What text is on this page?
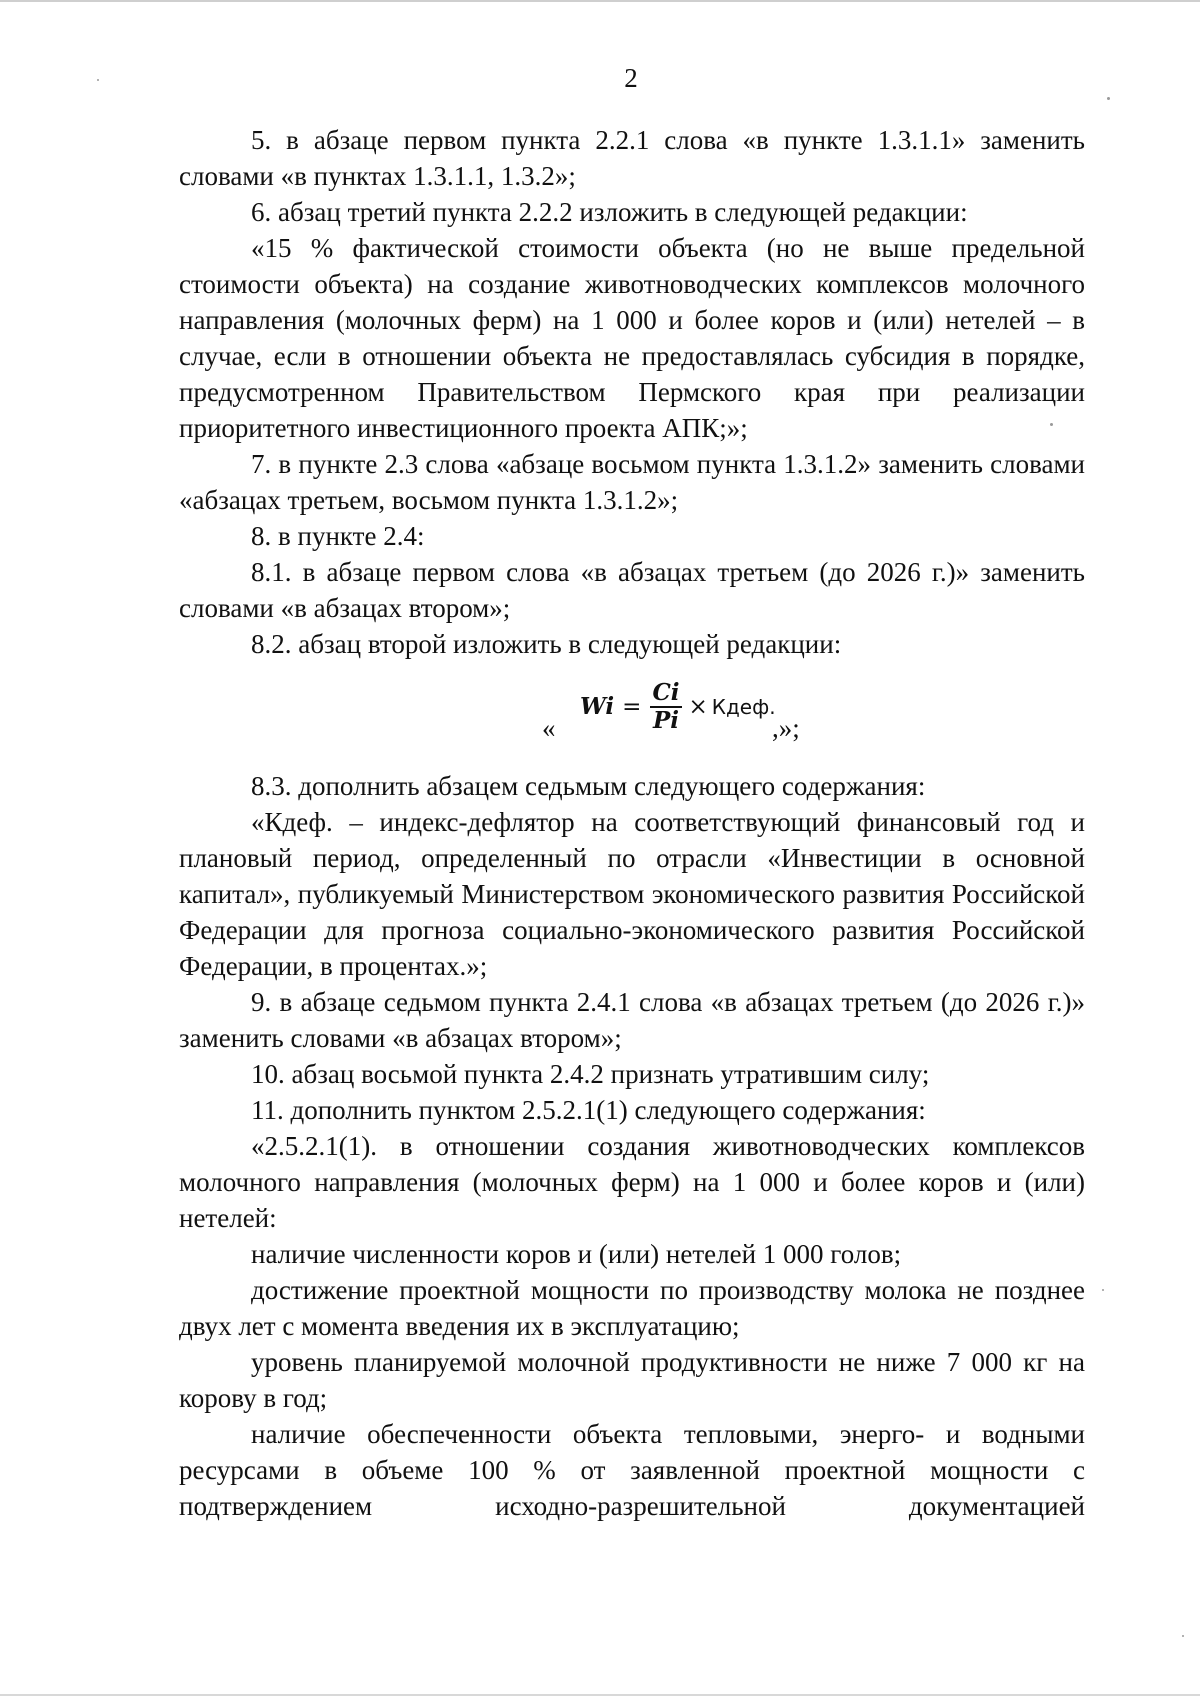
2

5. в абзаце первом пункта 2.2.1 слова «в пункте 1.3.1.1» заменить словами «в пунктах 1.3.1.1, 1.3.2»;

6. абзац третий пункта 2.2.2 изложить в следующей редакции:

«15 % фактической стоимости объекта (но не выше предельной стоимости объекта) на создание животноводческих комплексов молочного направления (молочных ферм) на 1 000 и более коров и (или) нетелей – в случае, если в отношении объекта не предоставлялась субсидия в порядке, предусмотренном Правительством Пермского края при реализации приоритетного инвестиционного проекта АПК;»;

7. в пункте 2.3 слова «абзаце восьмом пункта 1.3.1.2» заменить словами «абзацах третьем, восьмом пункта 1.3.1.2»;

8. в пункте 2.4:

8.1. в абзаце первом слова «в абзацах третьем (до 2026 г.)» заменить словами «в абзацах втором»;

8.2. абзац второй изложить в следующей редакции:

«
$Wi = \frac{Ci}{Pi}$ × Кдеф.
,»;

8.3. дополнить абзацем седьмым следующего содержания:

«Кдеф. – индекс-дефлятор на соответствующий финансовый год и плановый период, определенный по отрасли «Инвестиции в основной капитал», публикуемый Министерством экономического развития Российской Федерации для прогноза социально-экономического развития Российской Федерации, в процентах.»;

9. в абзаце седьмом пункта 2.4.1 слова «в абзацах третьем (до 2026 г.)» заменить словами «в абзацах втором»;

10. абзац восьмой пункта 2.4.2 признать утратившим силу;

11. дополнить пунктом 2.5.2.1(1) следующего содержания:

«2.5.2.1(1). в отношении создания животноводческих комплексов молочного направления (молочных ферм) на 1 000 и более коров и (или) нетелей:

наличие численности коров и (или) нетелей 1 000 голов;

достижение проектной мощности по производству молока не позднее двух лет с момента введения их в эксплуатацию;

уровень планируемой молочной продуктивности не ниже 7 000 кг на корову в год;

наличие обеспеченности объекта тепловыми, энерго- и водными ресурсами в объеме 100 % от заявленной проектной мощности с подтверждением исходно-разрешительной документацией
